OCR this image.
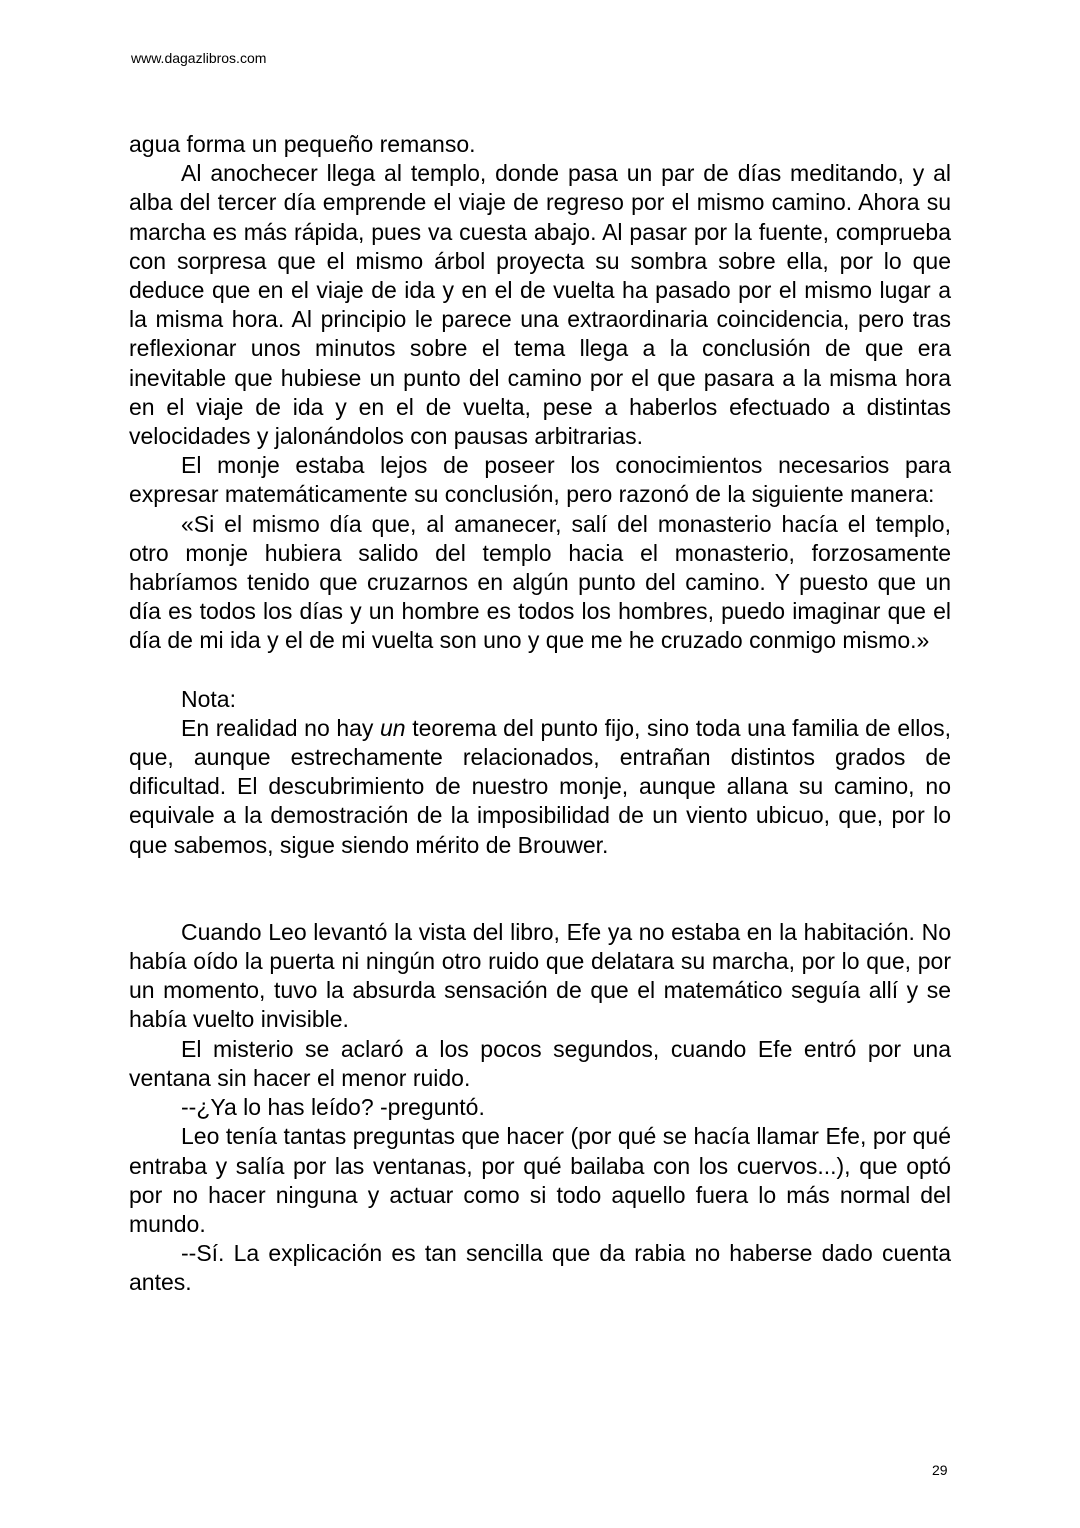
www.dagazlibros.com

agua forma un pequeño remanso.

Al anochecer llega al templo, donde pasa un par de días meditando, y al alba del tercer día emprende el viaje de regreso por el mismo camino. Ahora su marcha es más rápida, pues va cuesta abajo. Al pasar por la fuente, comprueba con sorpresa que el mismo árbol proyecta su sombra sobre ella, por lo que deduce que en el viaje de ida y en el de vuelta ha pasado por el mismo lugar a la misma hora. Al principio le parece una extraordinaria coincidencia, pero tras reflexionar unos minutos sobre el tema llega a la conclusión de que era inevitable que hubiese un punto del camino por el que pasara a la misma hora en el viaje de ida y en el de vuelta, pese a haberlos efectuado a distintas velocidades y jalonándolos con pausas arbitrarias.

El monje estaba lejos de poseer los conocimientos necesarios para expresar matemáticamente su conclusión, pero razonó de la siguiente manera:

«Si el mismo día que, al amanecer, salí del monasterio hacía el templo, otro monje hubiera salido del templo hacia el monasterio, forzosamente habríamos tenido que cruzarnos en algún punto del camino. Y puesto que un día es todos los días y un hombre es todos los hombres, puedo imaginar que el día de mi ida y el de mi vuelta son uno y que me he cruzado conmigo mismo.»

Nota:

En realidad no hay un teorema del punto fijo, sino toda una familia de ellos, que, aunque estrechamente relacionados, entrañan distintos grados de dificultad. El descubrimiento de nuestro monje, aunque allana su camino, no equivale a la demostración de la imposibilidad de un viento ubicuo, que, por lo que sabemos, sigue siendo mérito de Brouwer.

Cuando Leo levantó la vista del libro, Efe ya no estaba en la habitación. No había oído la puerta ni ningún otro ruido que delatara su marcha, por lo que, por un momento, tuvo la absurda sensación de que el matemático seguía allí y se había vuelto invisible.

El misterio se aclaró a los pocos segundos, cuando Efe entró por una ventana sin hacer el menor ruido.

--¿Ya lo has leído? -preguntó.

Leo tenía tantas preguntas que hacer (por qué se hacía llamar Efe, por qué entraba y salía por las ventanas, por qué bailaba con los cuervos...), que optó por no hacer ninguna y actuar como si todo aquello fuera lo más normal del mundo.

--Sí. La explicación es tan sencilla que da rabia no haberse dado cuenta antes.

29
